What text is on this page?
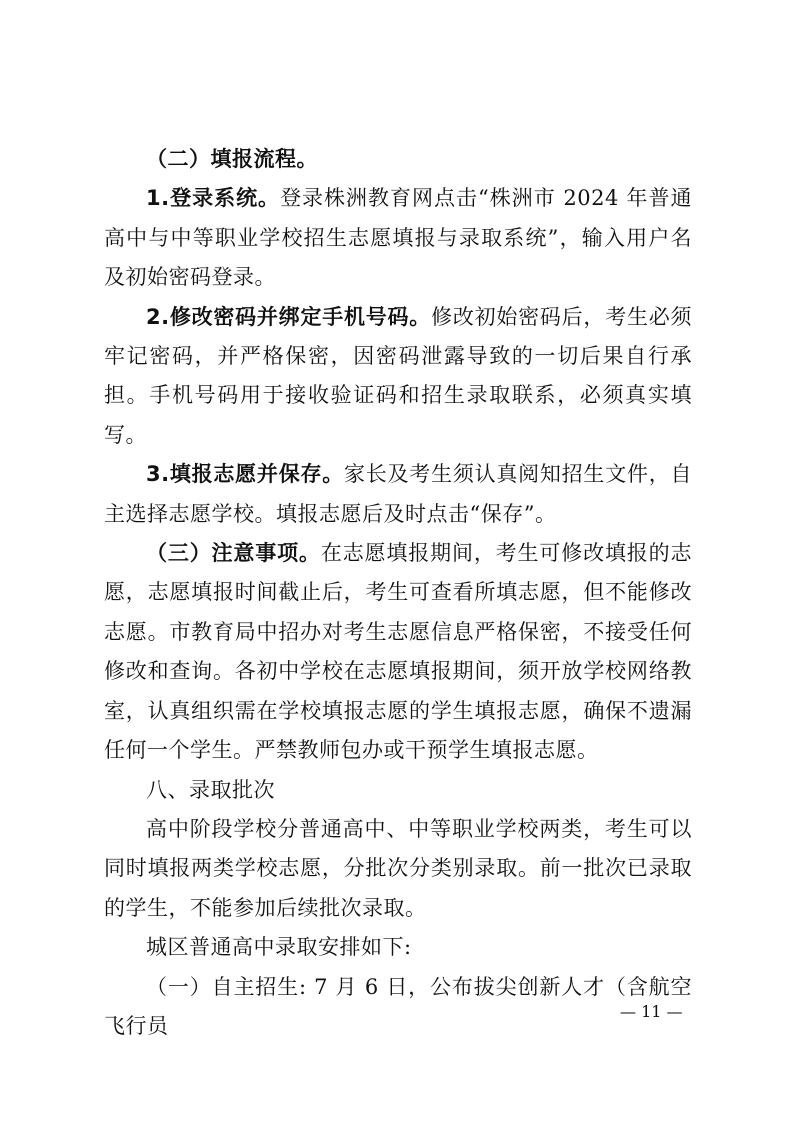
（二）填报流程。

1.登录系统。登录株洲教育网点击“株洲市 2024 年普通高中与中等职业学校招生志愿填报与录取系统”，输入用户名及初始密码登录。

2.修改密码并绑定手机号码。修改初始密码后，考生必须牢记密码，并严格保密，因密码泄露导致的一切后果自行承担。手机号码用于接收验证码和招生录取联系，必须真实填写。

3.填报志愿并保存。家长及考生须认真阅知招生文件，自主选择志愿学校。填报志愿后及时点击“保存”。

（三）注意事项。在志愿填报期间，考生可修改填报的志愿，志愿填报时间截止后，考生可查看所填志愿，但不能修改志愿。市教育局中招办对考生志愿信息严格保密，不接受任何修改和查询。各初中学校在志愿填报期间，须开放学校网络教室，认真组织需在学校填报志愿的学生填报志愿，确保不遗漏任何一个学生。严禁教师包办或干预学生填报志愿。

八、录取批次

高中阶段学校分普通高中、中等职业学校两类，考生可以同时填报两类学校志愿，分批次分类别录取。前一批次已录取的学生，不能参加后续批次录取。

城区普通高中录取安排如下:

（一）自主招生: 7 月 6 日，公布拔尖创新人才（含航空飞行员

— 11 —
